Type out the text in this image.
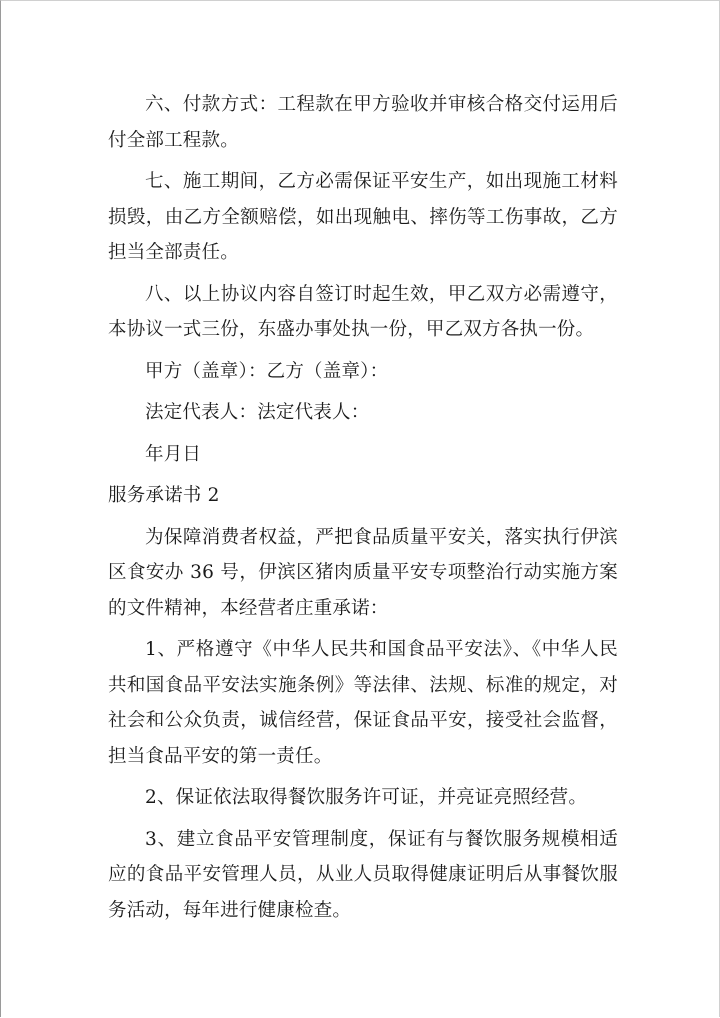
六、付款方式：工程款在甲方验收并审核合格交付运用后付全部工程款。

七、施工期间，乙方必需保证平安生产，如出现施工材料损毁，由乙方全额赔偿，如出现触电、摔伤等工伤事故，乙方担当全部责任。

八、以上协议内容自签订时起生效，甲乙双方必需遵守，本协议一式三份，东盛办事处执一份，甲乙双方各执一份。

甲方（盖章）：乙方（盖章）：

法定代表人：法定代表人：

年月日

服务承诺书 2

为保障消费者权益，严把食品质量平安关，落实执行伊滨区食安办 36 号，伊滨区猪肉质量平安专项整治行动实施方案的文件精神，本经营者庄重承诺：

1、严格遵守《中华人民共和国食品平安法》、《中华人民共和国食品平安法实施条例》等法律、法规、标准的规定，对社会和公众负责，诚信经营，保证食品平安，接受社会监督，担当食品平安的第一责任。

2、保证依法取得餐饮服务许可证，并亮证亮照经营。

3、建立食品平安管理制度，保证有与餐饮服务规模相适应的食品平安管理人员，从业人员取得健康证明后从事餐饮服务活动，每年进行健康检查。
